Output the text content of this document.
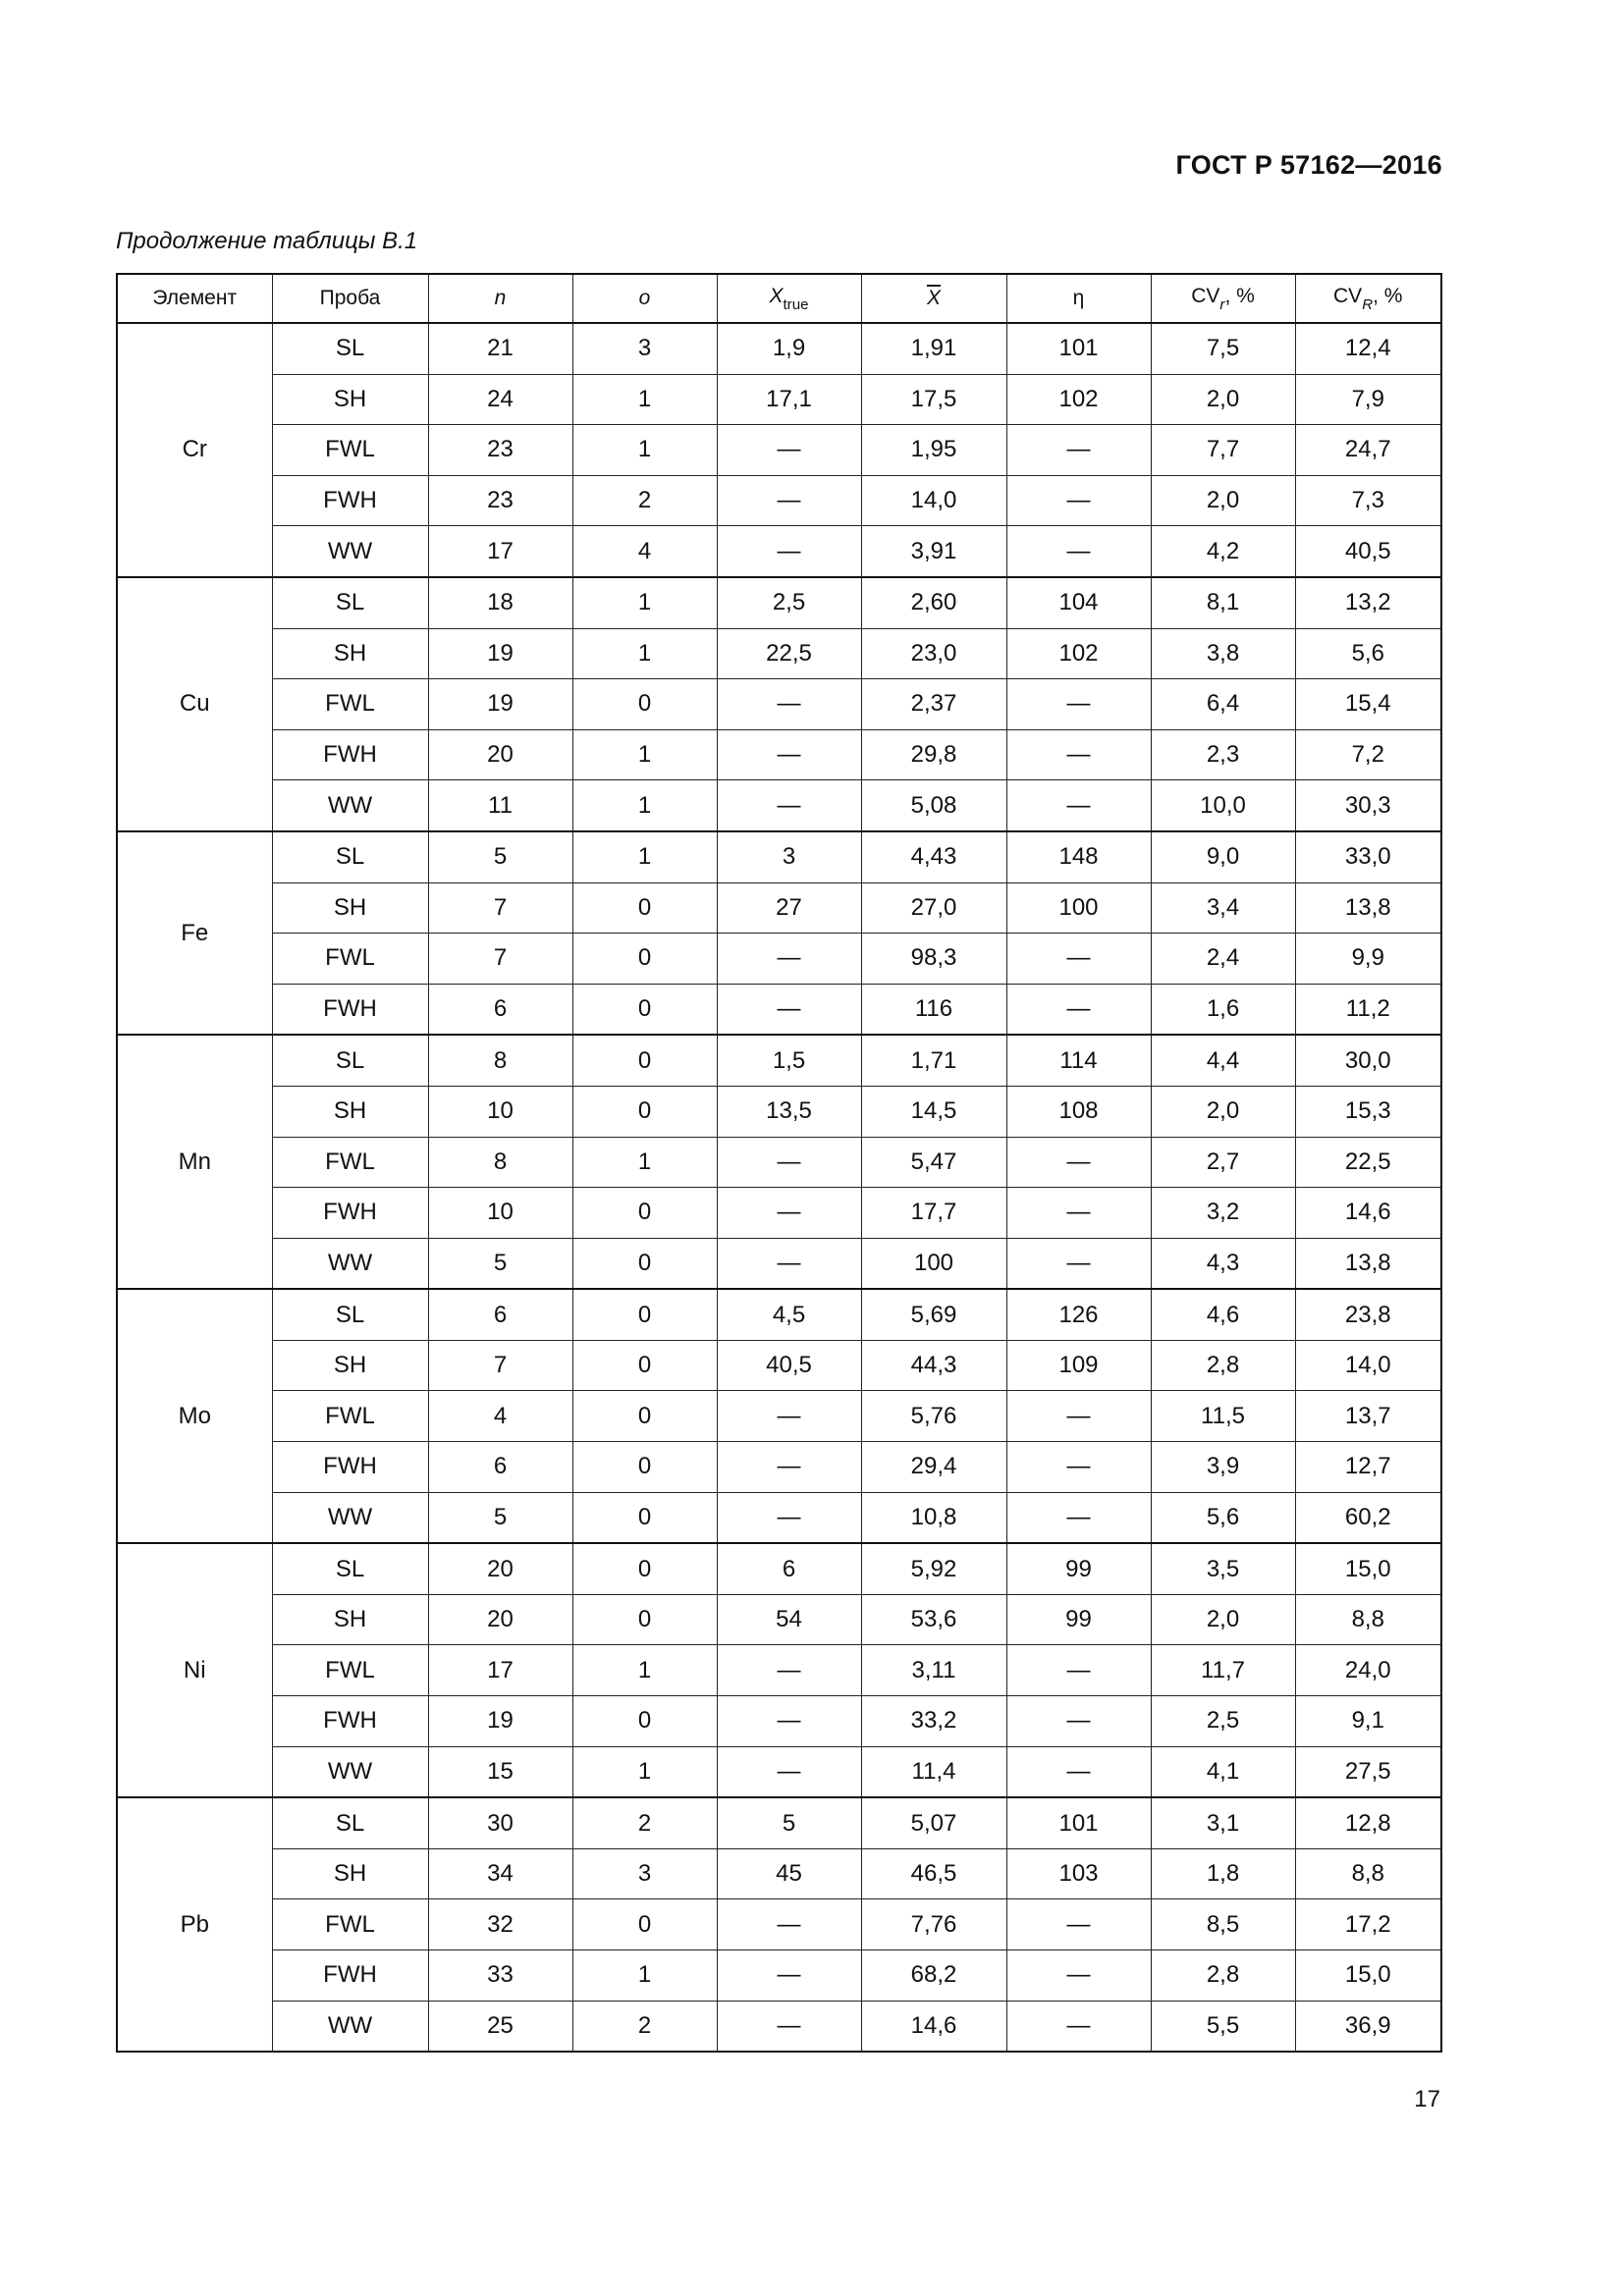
ГОСТ Р 57162—2016
Продолжение таблицы В.1
Элемент	Проба	n	o	$X_{true}$	$\overline{X}$	η	$CV_r$, %	$CV_R$, %
Cr	SL	21	3	1,9	1,91	101	7,5	12,4
	SH	24	1	17,1	17,5	102	2,0	7,9
	FWL	23	1	—	1,95	—	7,7	24,7
	FWH	23	2	—	14,0	—	2,0	7,3
	WW	17	4	—	3,91	—	4,2	40,5
Cu	SL	18	1	2,5	2,60	104	8,1	13,2
	SH	19	1	22,5	23,0	102	3,8	5,6
	FWL	19	0	—	2,37	—	6,4	15,4
	FWH	20	1	—	29,8	—	2,3	7,2
	WW	11	1	—	5,08	—	10,0	30,3
Fe	SL	5	1	3	4,43	148	9,0	33,0
	SH	7	0	27	27,0	100	3,4	13,8
	FWL	7	0	—	98,3	—	2,4	9,9
	FWH	6	0	—	116	—	1,6	11,2
Mn	SL	8	0	1,5	1,71	114	4,4	30,0
	SH	10	0	13,5	14,5	108	2,0	15,3
	FWL	8	1	—	5,47	—	2,7	22,5
	FWH	10	0	—	17,7	—	3,2	14,6
	WW	5	0	—	100	—	4,3	13,8
Mo	SL	6	0	4,5	5,69	126	4,6	23,8
	SH	7	0	40,5	44,3	109	2,8	14,0
	FWL	4	0	—	5,76	—	11,5	13,7
	FWH	6	0	—	29,4	—	3,9	12,7
	WW	5	0	—	10,8	—	5,6	60,2
Ni	SL	20	0	6	5,92	99	3,5	15,0
	SH	20	0	54	53,6	99	2,0	8,8
	FWL	17	1	—	3,11	—	11,7	24,0
	FWH	19	0	—	33,2	—	2,5	9,1
	WW	15	1	—	11,4	—	4,1	27,5
Pb	SL	30	2	5	5,07	101	3,1	12,8
	SH	34	3	45	46,5	103	1,8	8,8
	FWL	32	0	—	7,76	—	8,5	17,2
	FWH	33	1	—	68,2	—	2,8	15,0
	WW	25	2	—	14,6	—	5,5	36,9
17
